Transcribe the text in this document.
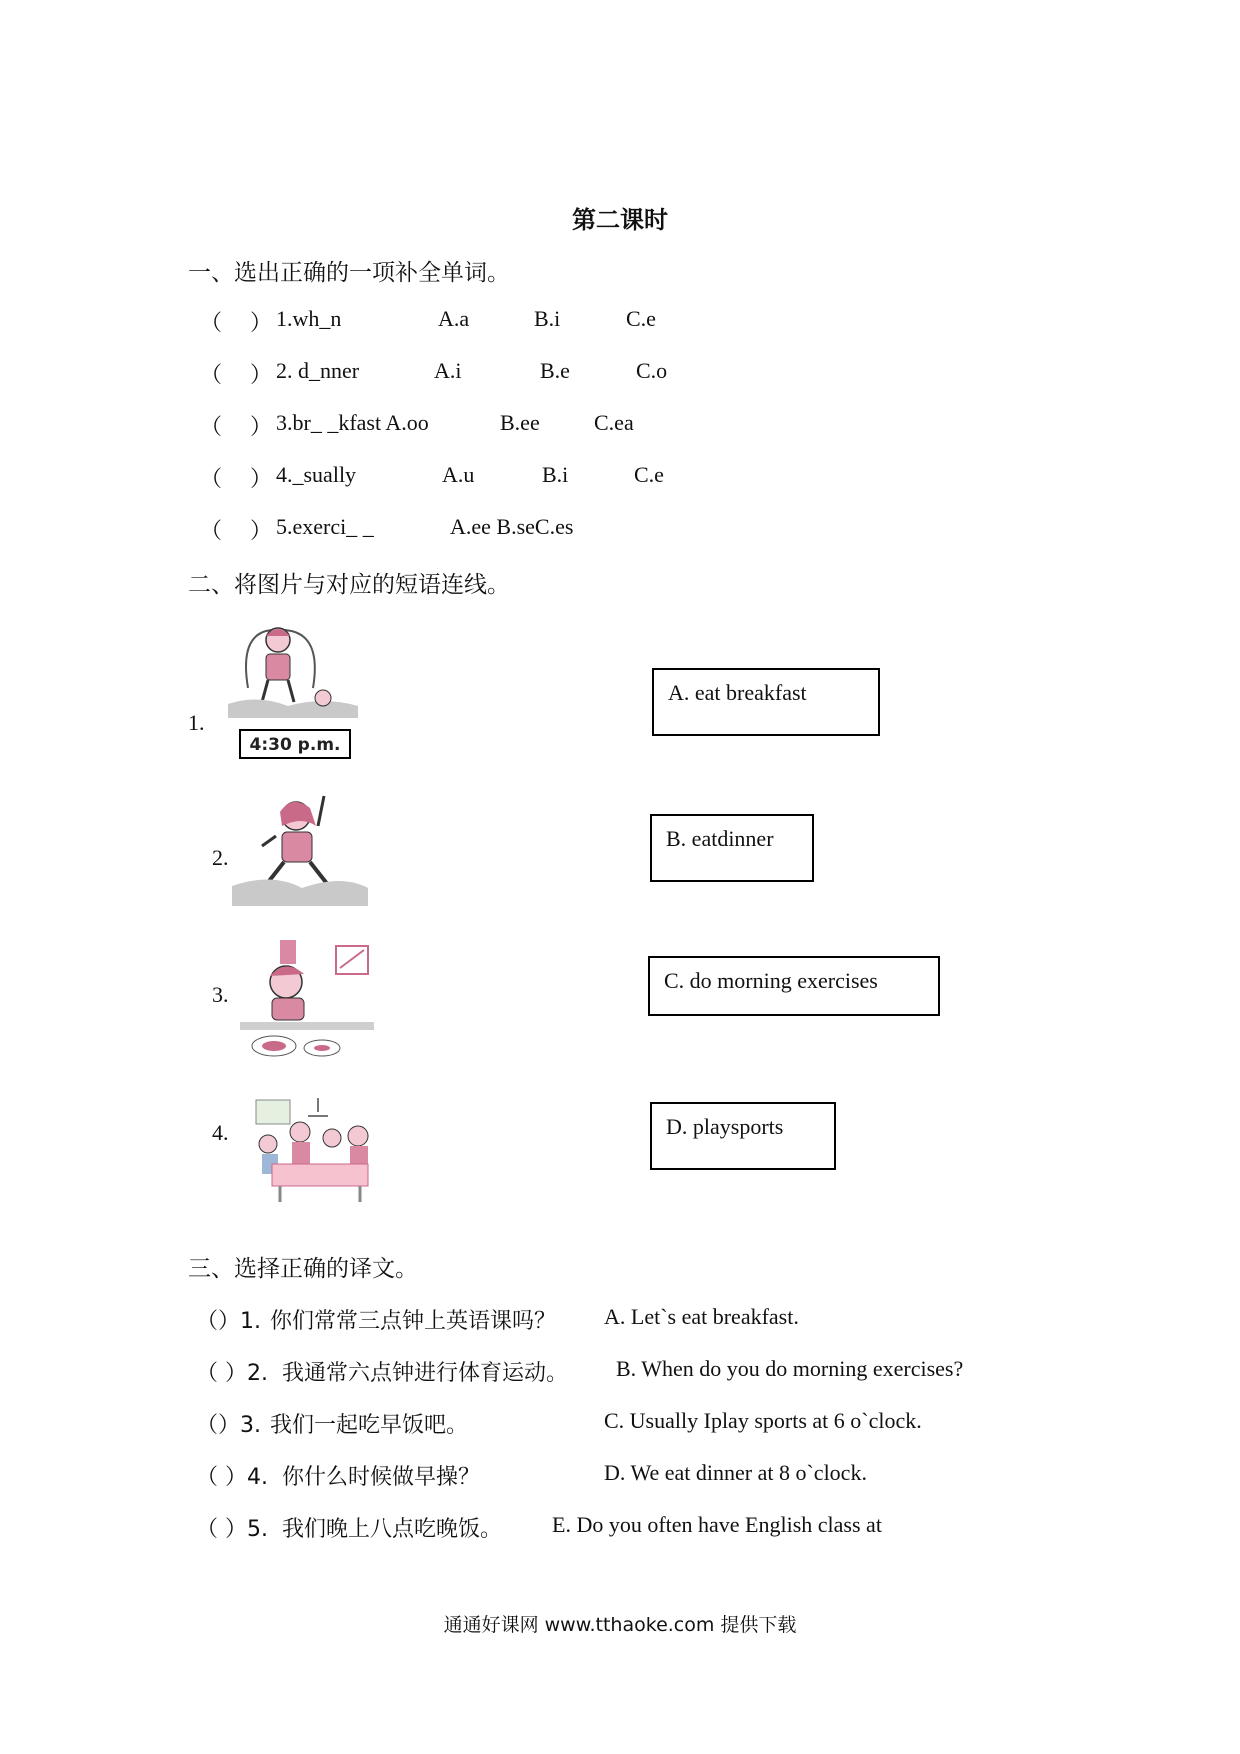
第二课时
一、选出正确的一项补全单词。
（ ） 1.wh_n	A.a	B.i	C.e
（ ） 2. d_nner	A.i	B.e	C.o
（ ） 3.br_ _kfast A.oo	B.ee C.ea
（ ） 4._sually	A.u	B.i	C.e
（ ） 5.exerci_ _	A.ee B.seC.es
二、将图片与对应的短语连线。
1.
4:30 p.m.
2.
3.
4.
A. eat breakfast
B. eatdinner
C. do morning exercises
D. playsports
三、选择正确的译文。
（）1. 你们常常三点钟上英语课吗？ A. Let`s eat breakfast.
（ ）2. 我通常六点钟进行体育运动。 B. When do you do morning exercises?
（）3. 我们一起吃早饭吧。	C. Usually Iplay sports at 6 o`clock.
（ ）4. 你什么时候做早操？	D. We eat dinner at 8 o`clock.
（ ）5. 我们晚上八点吃晚饭。 E. Do you often have English class at
通通好课网 www.tthaoke.com 提供下载
